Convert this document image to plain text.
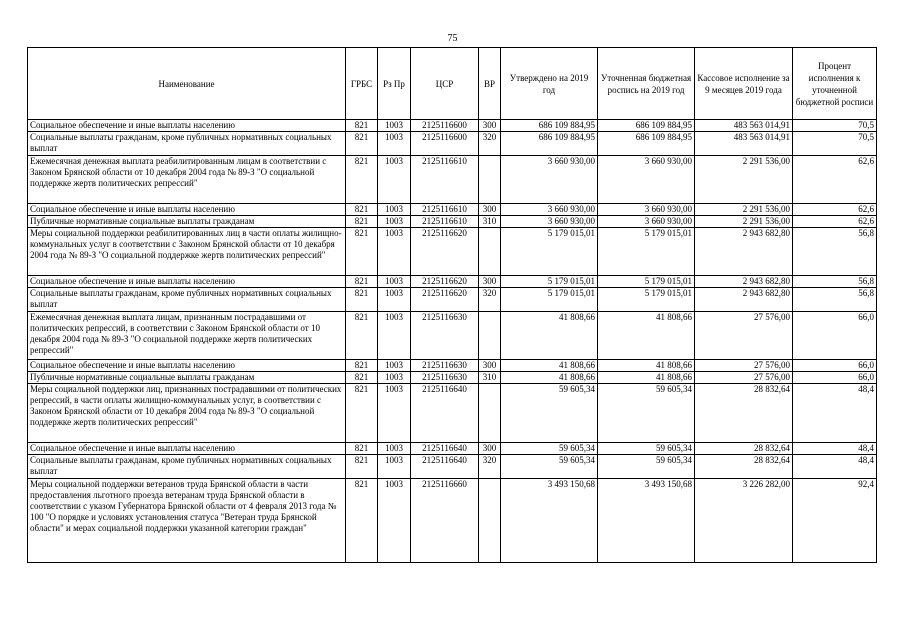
75
Наименование	ГРБС	Рз Пр	ЦСР	ВР	Утверждено на 2019 год	Уточненная бюджетная роспись на 2019 год	Кассовое исполнение за 9 месяцев 2019 года	Процент исполнения к уточненной бюджетной росписи
Социальное обеспечение и иные выплаты населению	821	1003	2125116600	300	686 109 884,95	686 109 884,95	483 563 014,91	70,5
Социальные выплаты гражданам, кроме публичных нормативных социальных выплат	821	1003	2125116600	320	686 109 884,95	686 109 884,95	483 563 014,91	70,5
Ежемесячная денежная выплата реабилитированным лицам в соответствии с Законом Брянской области от 10 декабря 2004 года № 89-З "О социальной поддержке жертв политических репрессий"	821	1003	2125116610		3 660 930,00	3 660 930,00	2 291 536,00	62,6
Социальное обеспечение и иные выплаты населению	821	1003	2125116610	300	3 660 930,00	3 660 930,00	2 291 536,00	62,6
Публичные нормативные социальные выплаты гражданам	821	1003	2125116610	310	3 660 930,00	3 660 930,00	2 291 536,00	62,6
Меры социальной поддержки реабилитированных лиц в части оплаты жилищно-коммунальных услуг в соответствии с Законом Брянской области от 10 декабря 2004 года № 89-З "О социальной поддержке жертв политических репрессий"	821	1003	2125116620		5 179 015,01	5 179 015,01	2 943 682,80	56,8
Социальное обеспечение и иные выплаты населению	821	1003	2125116620	300	5 179 015,01	5 179 015,01	2 943 682,80	56,8
Социальные выплаты гражданам, кроме публичных нормативных социальных выплат	821	1003	2125116620	320	5 179 015,01	5 179 015,01	2 943 682,80	56,8
Ежемесячная денежная выплата лицам, признанным пострадавшими от политических репрессий, в соответствии с Законом Брянской области от 10 декабря 2004 года № 89-З "О социальной поддержке жертв политических репрессий"	821	1003	2125116630		41 808,66	41 808,66	27 576,00	66,0
Социальное обеспечение и иные выплаты населению	821	1003	2125116630	300	41 808,66	41 808,66	27 576,00	66,0
Публичные нормативные социальные выплаты гражданам	821	1003	2125116630	310	41 808,66	41 808,66	27 576,00	66,0
Меры социальной поддержки лиц, признанных пострадавшими от политических репрессий, в части оплаты жилищно-коммунальных услуг, в соответствии с Законом Брянской области от 10 декабря 2004 года № 89-З "О социальной поддержке жертв политических репрессий"	821	1003	2125116640		59 605,34	59 605,34	28 832,64	48,4
Социальное обеспечение и иные выплаты населению	821	1003	2125116640	300	59 605,34	59 605,34	28 832,64	48,4
Социальные выплаты гражданам, кроме публичных нормативных социальных выплат	821	1003	2125116640	320	59 605,34	59 605,34	28 832,64	48,4
Меры социальной поддержки ветеранов труда Брянской области в части предоставления льготного проезда ветеранам труда Брянской области в соответствии с указом Губернатора Брянской области от 4 февраля 2013 года № 100 "О порядке и условиях установления статуса "Ветеран труда Брянской области" и мерах социальной поддержки указанной категории граждан"	821	1003	2125116660		3 493 150,68	3 493 150,68	3 226 282,00	92,4
